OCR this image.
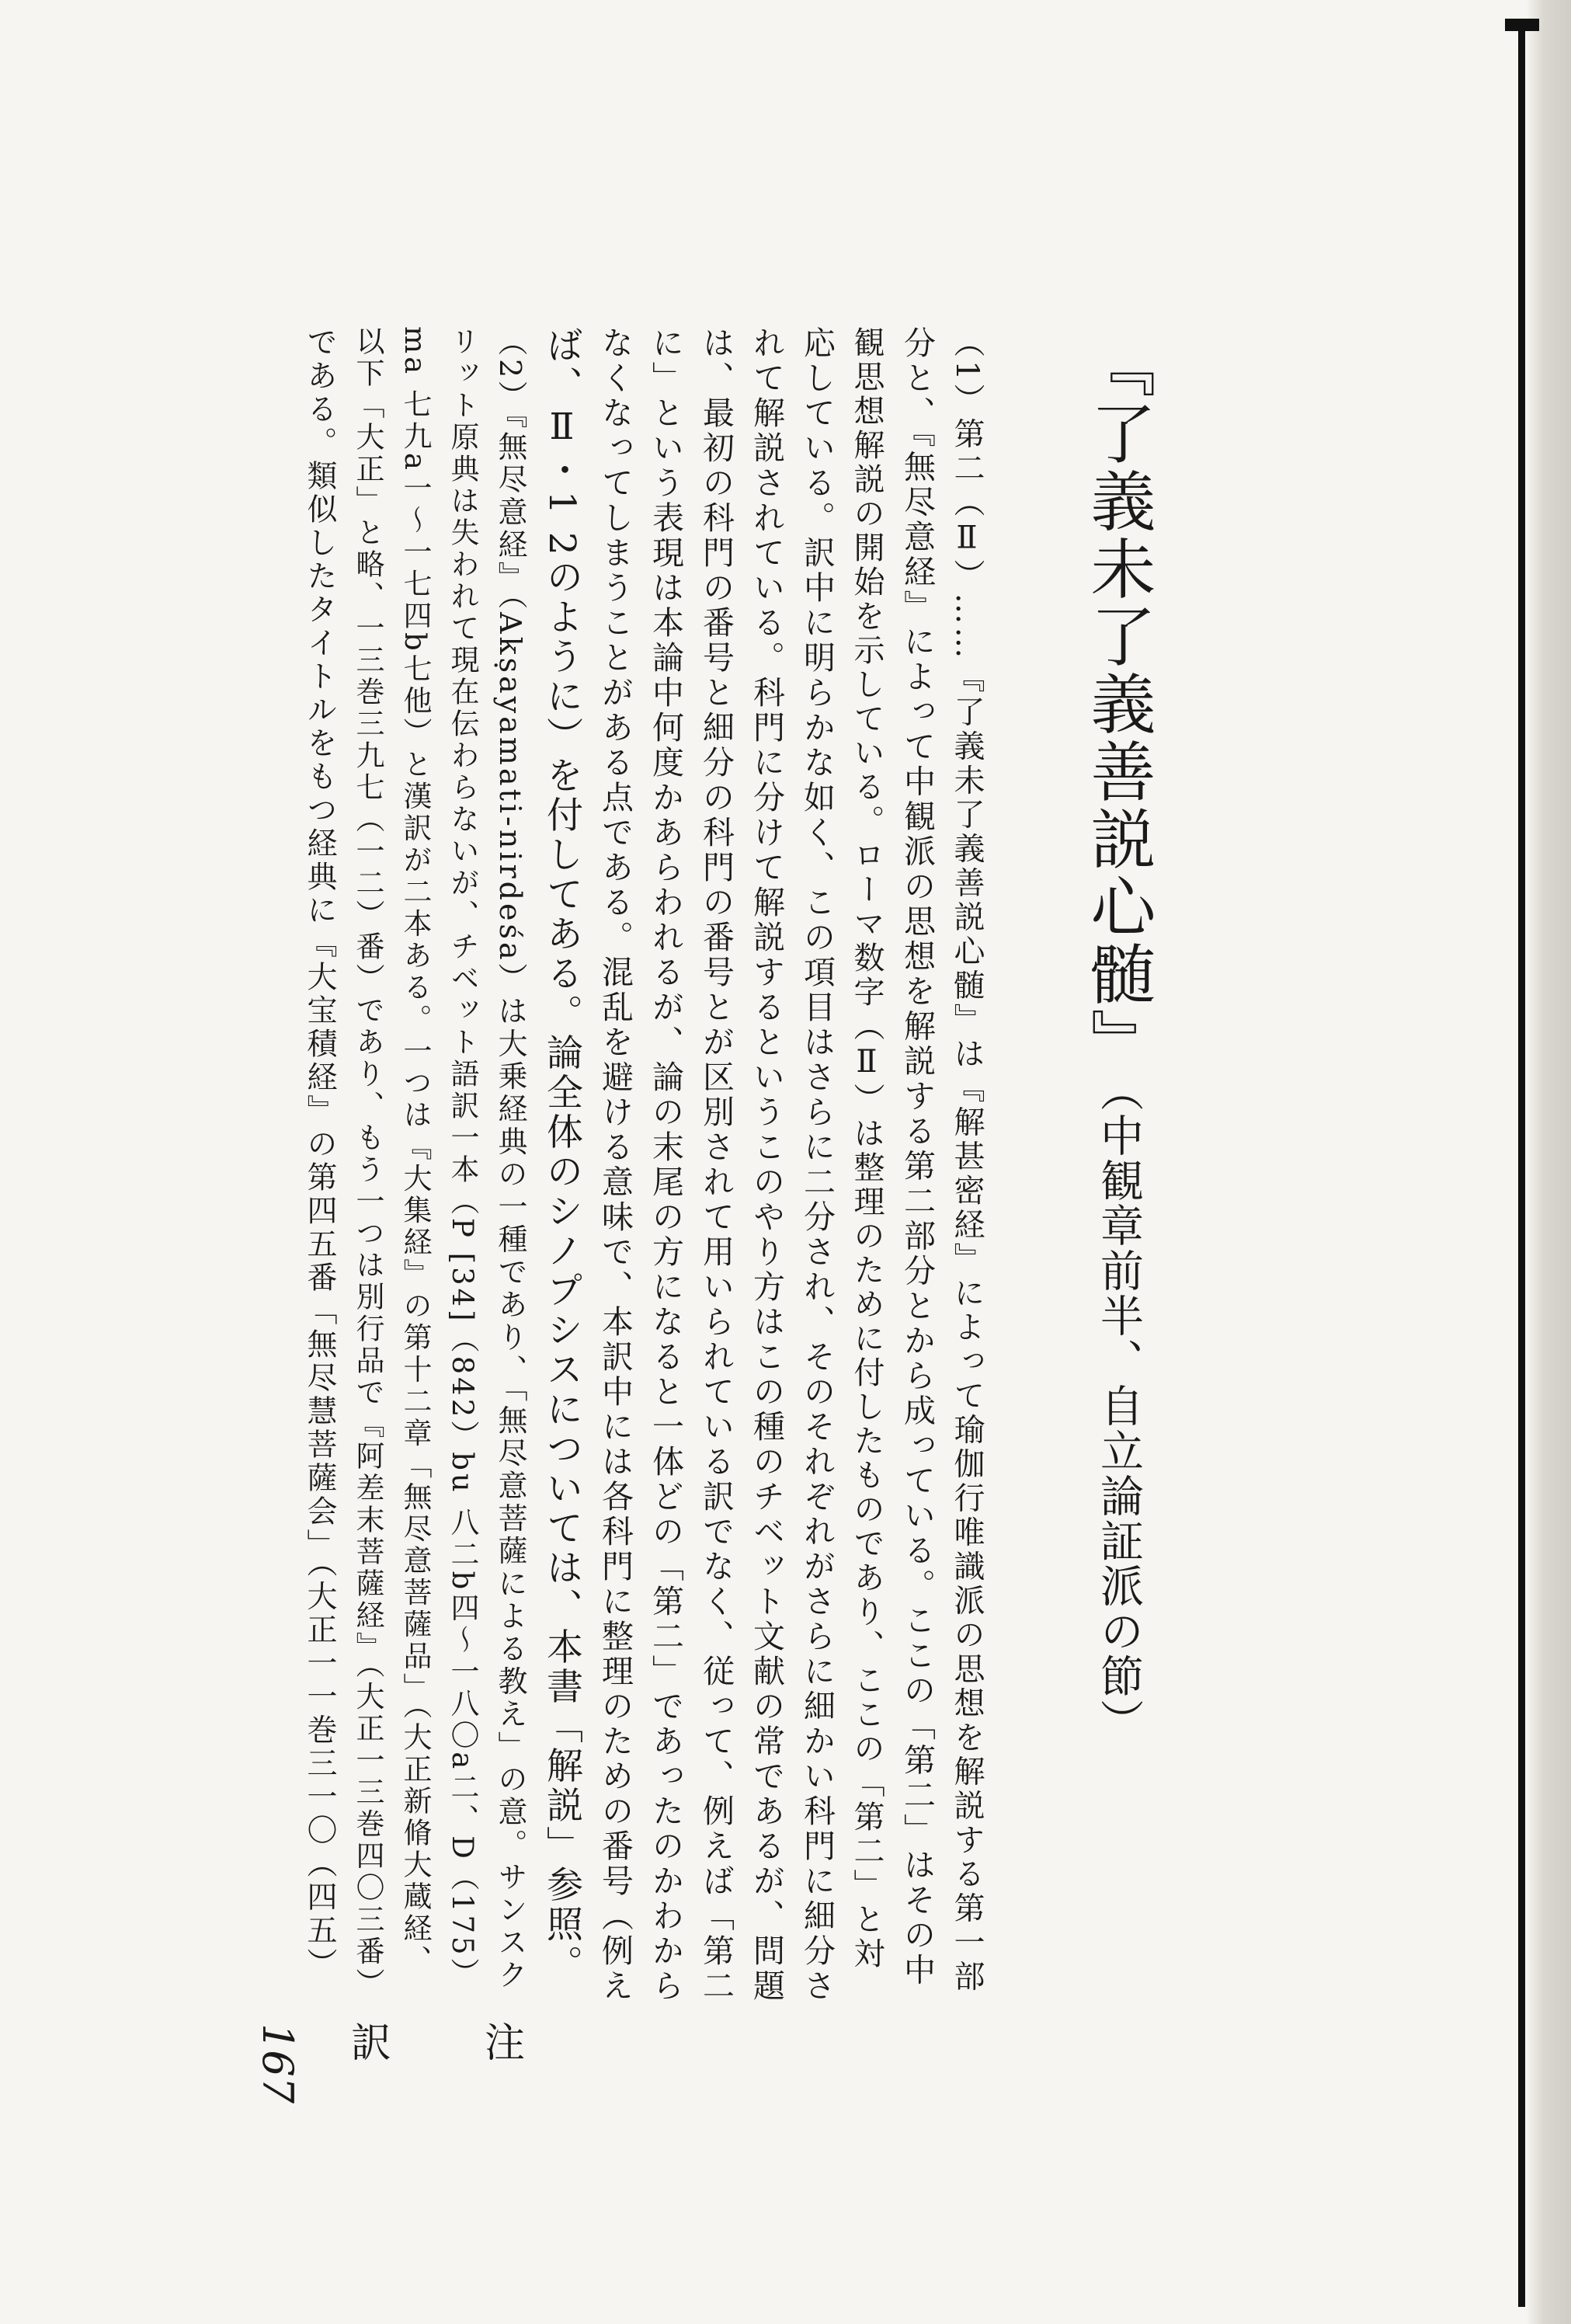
『了義未了義善説心髄』（中観章前半、自立論証派の節）
（1）第二（Ⅱ）……『了義未了義善説心髄』は『解甚密経』によって瑜伽行唯識派の思想を解説する第一部
分と、『無尽意経』によって中観派の思想を解説する第二部分とから成っている。ここの「第二」はその中
観思想解説の開始を示している。ローマ数字（Ⅱ）は整理のために付したものであり、ここの「第二」と対
応している。訳中に明らかな如く、この項目はさらに二分され、そのそれぞれがさらに細かい科門に細分さ
れて解説されている。科門に分けて解説するというこのやり方はこの種のチベット文献の常であるが、問題
は、最初の科門の番号と細分の科門の番号とが区別されて用いられている訳でなく、従って、例えば「第二
に」という表現は本論中何度かあらわれるが、論の末尾の方になると一体どの「第二」であったのかわから
なくなってしまうことがある点である。混乱を避ける意味で、本訳中には各科門に整理のための番号（例え
ば、Ⅱ・1 2のように）を付してある。論全体のシノプシスについては、本書「解説」参照。
（2）『無尽意経』（Akṣayamati-nirdeśa）は大乗経典の一種であり、「無尽意菩薩による教え」の意。サンスク
リット原典は失われて現在伝わらないが、チベット語訳一本（P [34]（842）bu 八二b四〜一八〇a二、D（175）
ma 七九a一〜一七四b七他）と漢訳が二本ある。一つは『大集経』の第十二章「無尽意菩薩品」（大正新脩大蔵経、
以下「大正」と略、一三巻三九七（一二）番）であり、もう一つは別行品で『阿差末菩薩経』（大正一三巻四〇三番）
である。類似したタイトルをもつ経典に『大宝積経』の第四五番「無尽慧菩薩会」（大正一一巻三一〇（四五）
167 訳注
